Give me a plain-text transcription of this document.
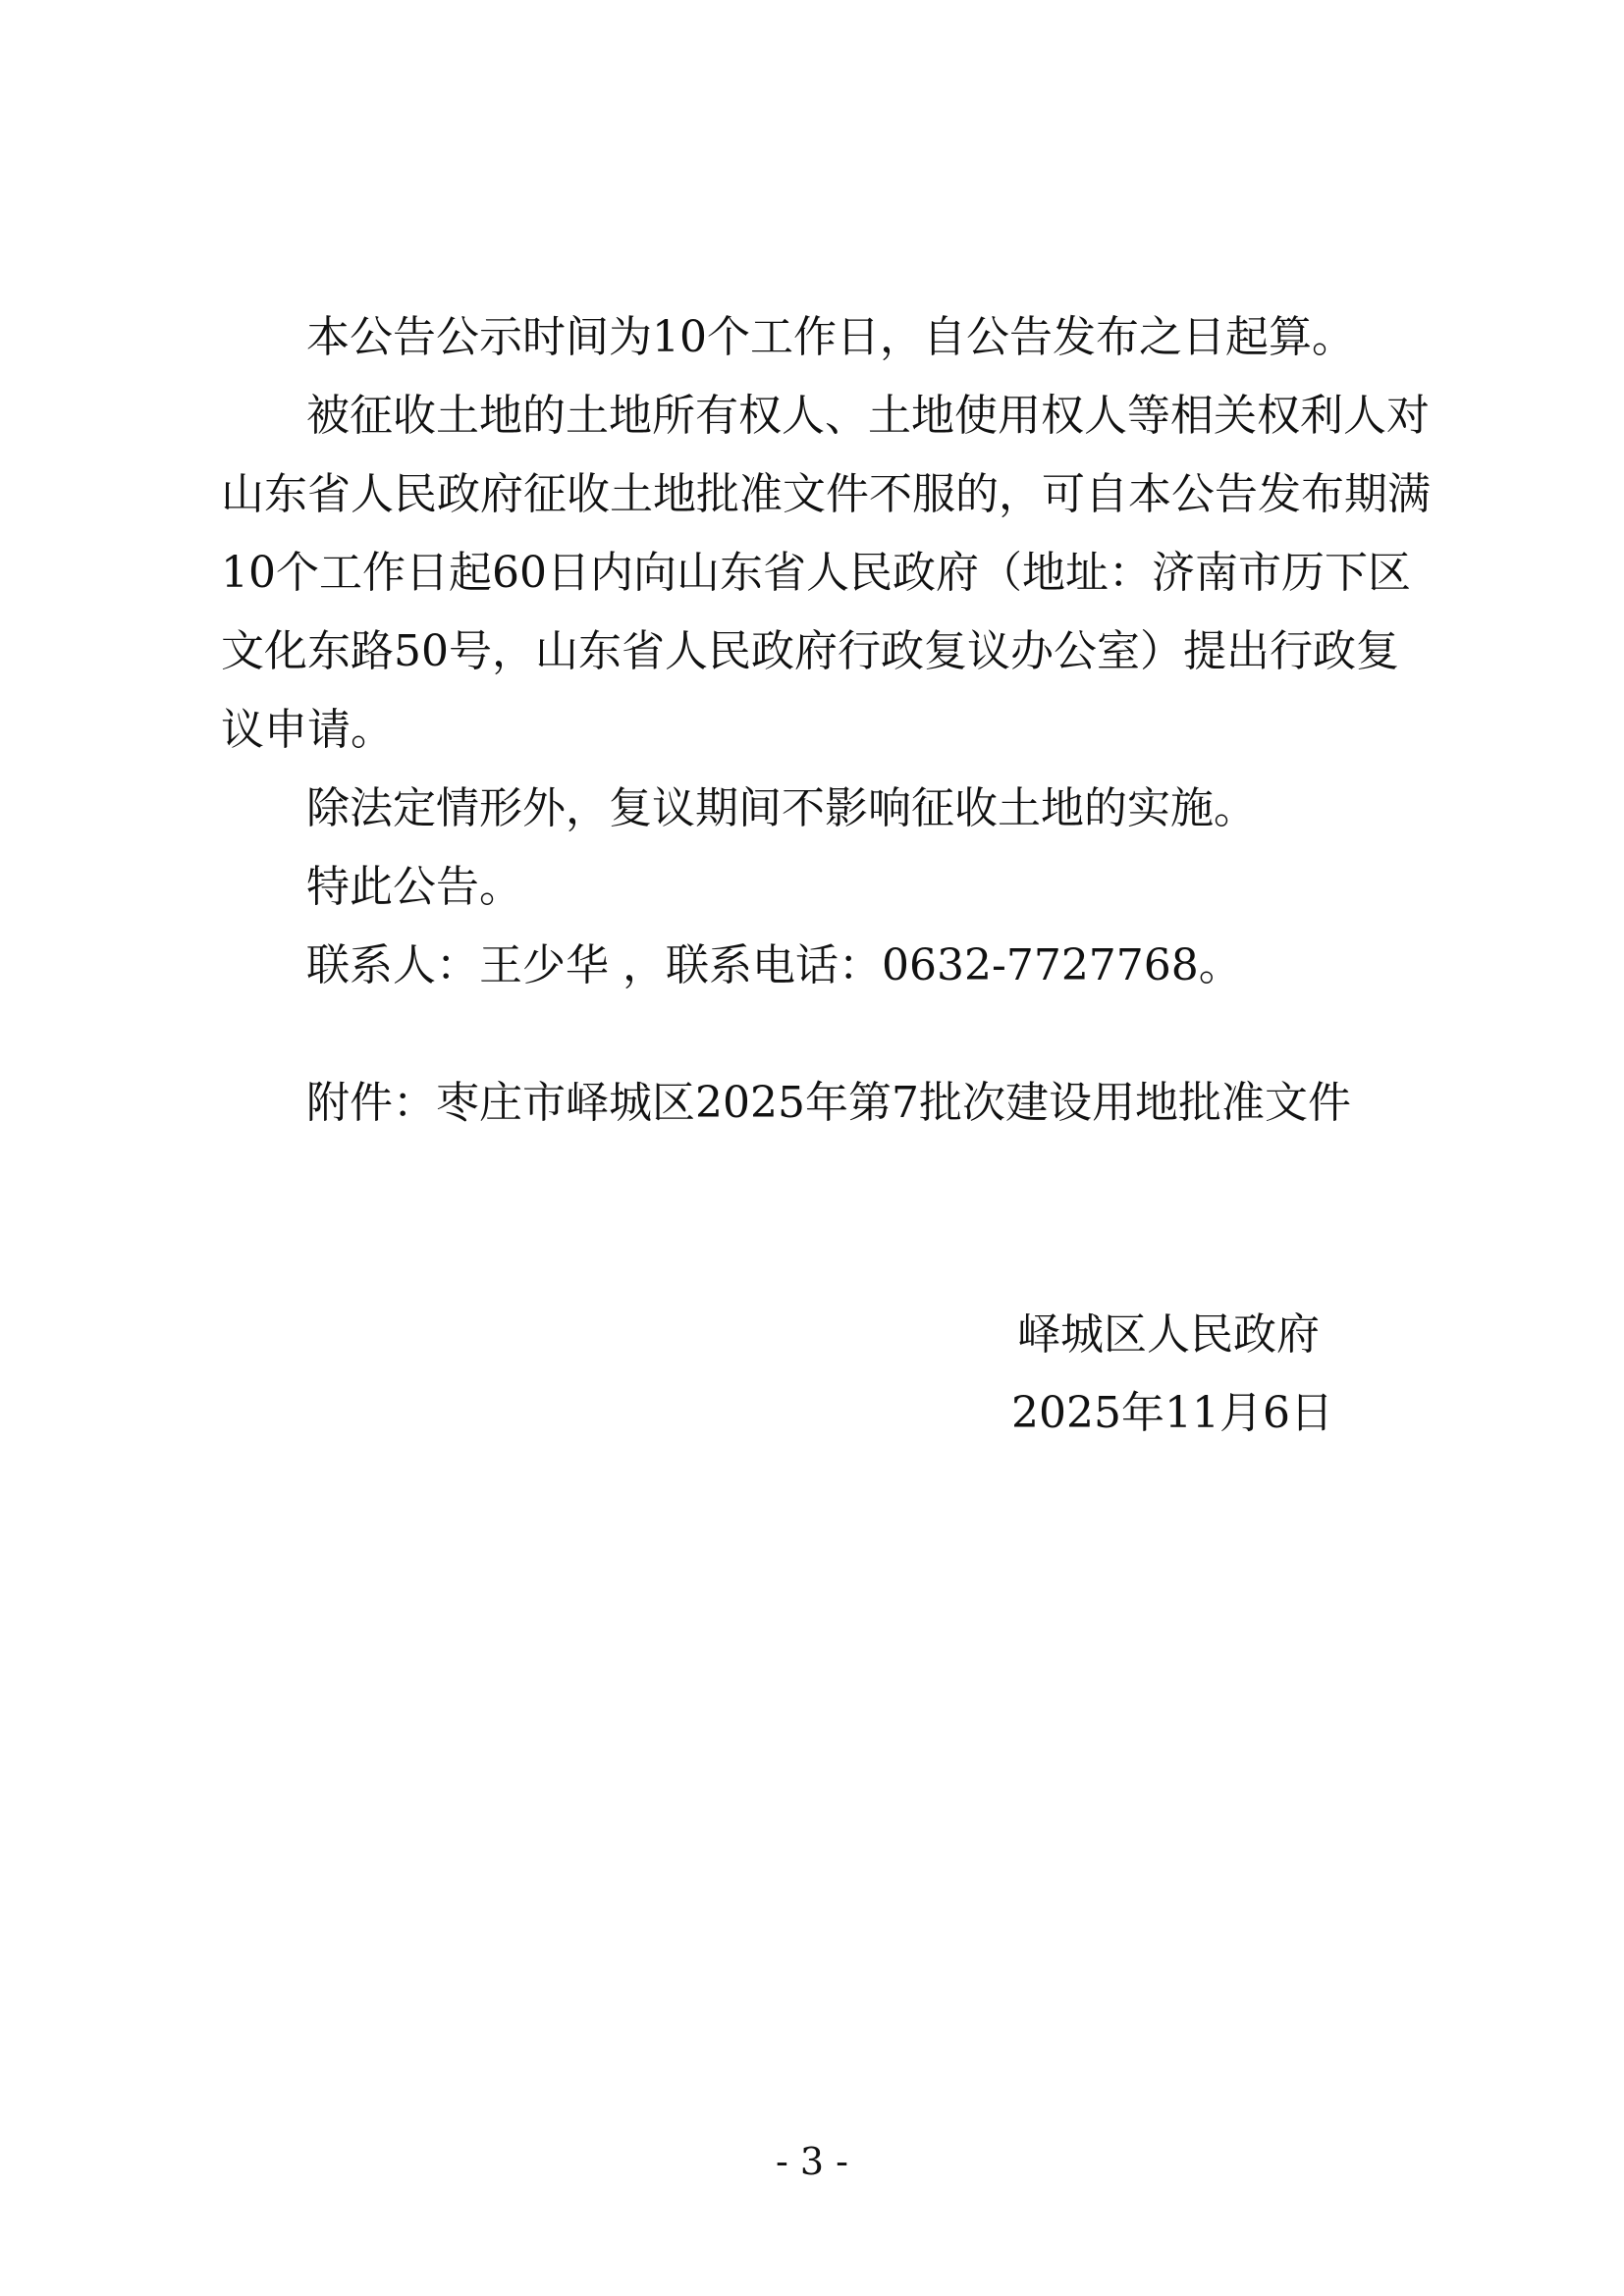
本公告公示时间为10个工作日，自公告发布之日起算。
被征收土地的土地所有权人、土地使用权人等相关权利人对
山东省人民政府征收土地批准文件不服的，可自本公告发布期满
10个工作日起60日内向山东省人民政府（地址：济南市历下区
文化东路50号，山东省人民政府行政复议办公室）提出行政复
议申请。
除法定情形外，复议期间不影响征收土地的实施。
特此公告。
联系人：王少华 ，联系电话：0632-7727768。
附件：枣庄市峄城区2025年第7批次建设用地批准文件
峄城区人民政府
2025年11月6日
- 3 -
